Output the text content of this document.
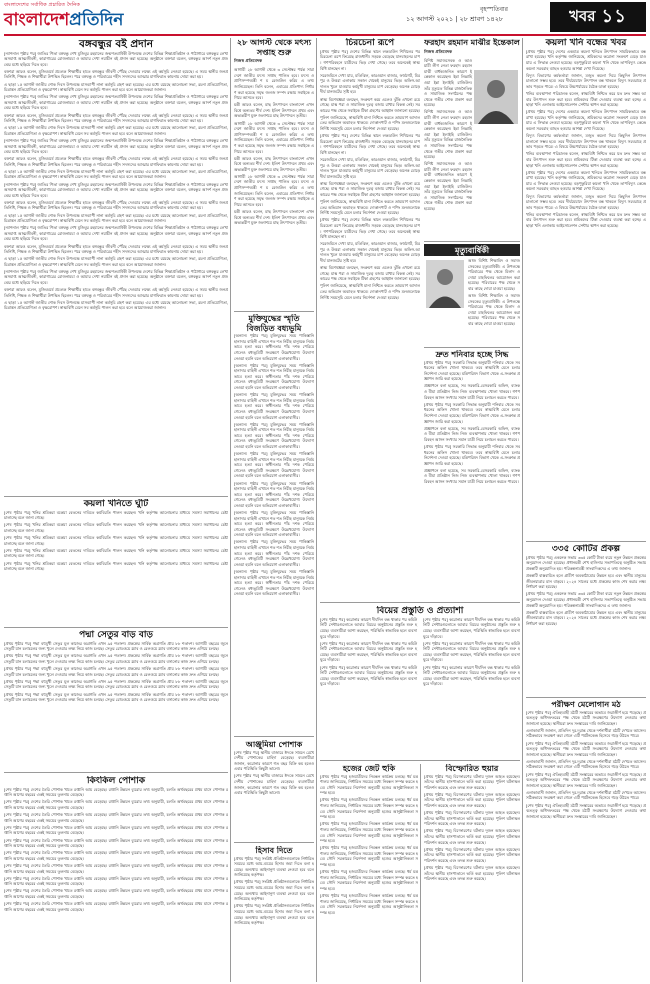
বাংলাদেশের সর্বাধিক প্রচারিত দৈনিক
বাংলাদেশপ্রতিদিন
বৃহস্পতিবার
১২ আগস্ট ২০২১ | ২৮ শ্রাবণ ১৪২৮	খবর ১১
বঙ্গবন্ধুর বই প্রদান

[ন্যাশনাল পৃষ্ঠার পর] জাতির পিতা বঙ্গবন্ধু শেখ মুজিবুর রহমানের জন্মশতবার্ষিকী উপলক্ষে দেশের বিভিন্ন শিক্ষাপ্রতিষ্ঠান ও পাঠাগারে বঙ্গবন্ধুর লেখা অসমাপ্ত আত্মজীবনী, কারাগারের রোজনামচা ও আমার দেখা নয়াচীন বই প্রদান করা হয়েছে। অনুষ্ঠানে বক্তারা বলেন, বঙ্গবন্ধুর আদর্শ নতুন প্রজন্মের মধ্যে ছড়িয়ে দিতে হবে।

বক্তারা আরও বলেন, মুজিববর্ষে প্রত্যেক শিক্ষার্থীর হাতে বঙ্গবন্ধুর জীবনী পৌঁছে দেওয়ার লক্ষ্যে এই কর্মসূচি নেওয়া হয়েছে। এ সময় স্থানীয় জনপ্রতিনিধি, শিক্ষক ও শিক্ষার্থীরা উপস্থিত ছিলেন। পরে বঙ্গবন্ধু ও পরিবারের শহীদ সদস্যদের আত্মার মাগফিরাত কামনায় দোয়া করা হয়।

এ ছাড়া ১৫ আগস্ট জাতীয় শোক দিবস উপলক্ষে মাসব্যাপী নানা কর্মসূচি গ্রহণ করা হয়েছে। এর মধ্যে রয়েছে আলোচনা সভা, রচনা প্রতিযোগিতা, চিত্রাঙ্কন প্রতিযোগিতা ও বৃক্ষরোপণ। স্বাস্থ্যবিধি মেনে সব কর্মসূচি পালন করা হবে বলে আয়োজকরা জানান।

[ন্যাশনাল পৃষ্ঠার পর] জাতির পিতা বঙ্গবন্ধু শেখ মুজিবুর রহমানের জন্মশতবার্ষিকী উপলক্ষে দেশের বিভিন্ন শিক্ষাপ্রতিষ্ঠান ও পাঠাগারে বঙ্গবন্ধুর লেখা অসমাপ্ত আত্মজীবনী, কারাগারের রোজনামচা ও আমার দেখা নয়াচীন বই প্রদান করা হয়েছে। অনুষ্ঠানে বক্তারা বলেন, বঙ্গবন্ধুর আদর্শ নতুন প্রজন্মের মধ্যে ছড়িয়ে দিতে হবে।

বক্তারা আরও বলেন, মুজিববর্ষে প্রত্যেক শিক্ষার্থীর হাতে বঙ্গবন্ধুর জীবনী পৌঁছে দেওয়ার লক্ষ্যে এই কর্মসূচি নেওয়া হয়েছে। এ সময় স্থানীয় জনপ্রতিনিধি, শিক্ষক ও শিক্ষার্থীরা উপস্থিত ছিলেন। পরে বঙ্গবন্ধু ও পরিবারের শহীদ সদস্যদের আত্মার মাগফিরাত কামনায় দোয়া করা হয়।

এ ছাড়া ১৫ আগস্ট জাতীয় শোক দিবস উপলক্ষে মাসব্যাপী নানা কর্মসূচি গ্রহণ করা হয়েছে। এর মধ্যে রয়েছে আলোচনা সভা, রচনা প্রতিযোগিতা, চিত্রাঙ্কন প্রতিযোগিতা ও বৃক্ষরোপণ। স্বাস্থ্যবিধি মেনে সব কর্মসূচি পালন করা হবে বলে আয়োজকরা জানান।

[ন্যাশনাল পৃষ্ঠার পর] জাতির পিতা বঙ্গবন্ধু শেখ মুজিবুর রহমানের জন্মশতবার্ষিকী উপলক্ষে দেশের বিভিন্ন শিক্ষাপ্রতিষ্ঠান ও পাঠাগারে বঙ্গবন্ধুর লেখা অসমাপ্ত আত্মজীবনী, কারাগারের রোজনামচা ও আমার দেখা নয়াচীন বই প্রদান করা হয়েছে। অনুষ্ঠানে বক্তারা বলেন, বঙ্গবন্ধুর আদর্শ নতুন প্রজন্মের মধ্যে ছড়িয়ে দিতে হবে।

বক্তারা আরও বলেন, মুজিববর্ষে প্রত্যেক শিক্ষার্থীর হাতে বঙ্গবন্ধুর জীবনী পৌঁছে দেওয়ার লক্ষ্যে এই কর্মসূচি নেওয়া হয়েছে। এ সময় স্থানীয় জনপ্রতিনিধি, শিক্ষক ও শিক্ষার্থীরা উপস্থিত ছিলেন। পরে বঙ্গবন্ধু ও পরিবারের শহীদ সদস্যদের আত্মার মাগফিরাত কামনায় দোয়া করা হয়।

এ ছাড়া ১৫ আগস্ট জাতীয় শোক দিবস উপলক্ষে মাসব্যাপী নানা কর্মসূচি গ্রহণ করা হয়েছে। এর মধ্যে রয়েছে আলোচনা সভা, রচনা প্রতিযোগিতা, চিত্রাঙ্কন প্রতিযোগিতা ও বৃক্ষরোপণ। স্বাস্থ্যবিধি মেনে সব কর্মসূচি পালন করা হবে বলে আয়োজকরা জানান।

[ন্যাশনাল পৃষ্ঠার পর] জাতির পিতা বঙ্গবন্ধু শেখ মুজিবুর রহমানের জন্মশতবার্ষিকী উপলক্ষে দেশের বিভিন্ন শিক্ষাপ্রতিষ্ঠান ও পাঠাগারে বঙ্গবন্ধুর লেখা অসমাপ্ত আত্মজীবনী, কারাগারের রোজনামচা ও আমার দেখা নয়াচীন বই প্রদান করা হয়েছে। অনুষ্ঠানে বক্তারা বলেন, বঙ্গবন্ধুর আদর্শ নতুন প্রজন্মের মধ্যে ছড়িয়ে দিতে হবে।

বক্তারা আরও বলেন, মুজিববর্ষে প্রত্যেক শিক্ষার্থীর হাতে বঙ্গবন্ধুর জীবনী পৌঁছে দেওয়ার লক্ষ্যে এই কর্মসূচি নেওয়া হয়েছে। এ সময় স্থানীয় জনপ্রতিনিধি, শিক্ষক ও শিক্ষার্থীরা উপস্থিত ছিলেন। পরে বঙ্গবন্ধু ও পরিবারের শহীদ সদস্যদের আত্মার মাগফিরাত কামনায় দোয়া করা হয়।

এ ছাড়া ১৫ আগস্ট জাতীয় শোক দিবস উপলক্ষে মাসব্যাপী নানা কর্মসূচি গ্রহণ করা হয়েছে। এর মধ্যে রয়েছে আলোচনা সভা, রচনা প্রতিযোগিতা, চিত্রাঙ্কন প্রতিযোগিতা ও বৃক্ষরোপণ। স্বাস্থ্যবিধি মেনে সব কর্মসূচি পালন করা হবে বলে আয়োজকরা জানান।

[ন্যাশনাল পৃষ্ঠার পর] জাতির পিতা বঙ্গবন্ধু শেখ মুজিবুর রহমানের জন্মশতবার্ষিকী উপলক্ষে দেশের বিভিন্ন শিক্ষাপ্রতিষ্ঠান ও পাঠাগারে বঙ্গবন্ধুর লেখা অসমাপ্ত আত্মজীবনী, কারাগারের রোজনামচা ও আমার দেখা নয়াচীন বই প্রদান করা হয়েছে। অনুষ্ঠানে বক্তারা বলেন, বঙ্গবন্ধুর আদর্শ নতুন প্রজন্মের মধ্যে ছড়িয়ে দিতে হবে।

বক্তারা আরও বলেন, মুজিববর্ষে প্রত্যেক শিক্ষার্থীর হাতে বঙ্গবন্ধুর জীবনী পৌঁছে দেওয়ার লক্ষ্যে এই কর্মসূচি নেওয়া হয়েছে। এ সময় স্থানীয় জনপ্রতিনিধি, শিক্ষক ও শিক্ষার্থীরা উপস্থিত ছিলেন। পরে বঙ্গবন্ধু ও পরিবারের শহীদ সদস্যদের আত্মার মাগফিরাত কামনায় দোয়া করা হয়।

এ ছাড়া ১৫ আগস্ট জাতীয় শোক দিবস উপলক্ষে মাসব্যাপী নানা কর্মসূচি গ্রহণ করা হয়েছে। এর মধ্যে রয়েছে আলোচনা সভা, রচনা প্রতিযোগিতা, চিত্রাঙ্কন প্রতিযোগিতা ও বৃক্ষরোপণ। স্বাস্থ্যবিধি মেনে সব কর্মসূচি পালন করা হবে বলে আয়োজকরা জানান।

[ন্যাশনাল পৃষ্ঠার পর] জাতির পিতা বঙ্গবন্ধু শেখ মুজিবুর রহমানের জন্মশতবার্ষিকী উপলক্ষে দেশের বিভিন্ন শিক্ষাপ্রতিষ্ঠান ও পাঠাগারে বঙ্গবন্ধুর লেখা অসমাপ্ত আত্মজীবনী, কারাগারের রোজনামচা ও আমার দেখা নয়াচীন বই প্রদান করা হয়েছে। অনুষ্ঠানে বক্তারা বলেন, বঙ্গবন্ধুর আদর্শ নতুন প্রজন্মের মধ্যে ছড়িয়ে দিতে হবে।

বক্তারা আরও বলেন, মুজিববর্ষে প্রত্যেক শিক্ষার্থীর হাতে বঙ্গবন্ধুর জীবনী পৌঁছে দেওয়ার লক্ষ্যে এই কর্মসূচি নেওয়া হয়েছে। এ সময় স্থানীয় জনপ্রতিনিধি, শিক্ষক ও শিক্ষার্থীরা উপস্থিত ছিলেন। পরে বঙ্গবন্ধু ও পরিবারের শহীদ সদস্যদের আত্মার মাগফিরাত কামনায় দোয়া করা হয়।

এ ছাড়া ১৫ আগস্ট জাতীয় শোক দিবস উপলক্ষে মাসব্যাপী নানা কর্মসূচি গ্রহণ করা হয়েছে। এর মধ্যে রয়েছে আলোচনা সভা, রচনা প্রতিযোগিতা, চিত্রাঙ্কন প্রতিযোগিতা ও বৃক্ষরোপণ। স্বাস্থ্যবিধি মেনে সব কর্মসূচি পালন করা হবে বলে আয়োজকরা জানান।

পদ্মা সেতুর বাড় বাড়

[প্রথম পৃষ্ঠার পর] পদ্মা বহুমুখী সেতুর মূল কাজের অগ্রগতি এখন ৯৫ শতাংশ। প্রকল্পের সার্বিক অগ্রগতি প্রায় ৮৮ শতাংশ। আগামী বছরের জুনে সেতুটি যান চলাচলের জন্য খুলে দেওয়ার লক্ষ্য নিয়ে কাজ চলছে। সেতুর রোডওয়ে স্ল্যাব ও রেলওয়ে স্ল্যাব বসানোর কাজ দ্রুত এগিয়ে চলছে।

[প্রথম পৃষ্ঠার পর] পদ্মা বহুমুখী সেতুর মূল কাজের অগ্রগতি এখন ৯৫ শতাংশ। প্রকল্পের সার্বিক অগ্রগতি প্রায় ৮৮ শতাংশ। আগামী বছরের জুনে সেতুটি যান চলাচলের জন্য খুলে দেওয়ার লক্ষ্য নিয়ে কাজ চলছে। সেতুর রোডওয়ে স্ল্যাব ও রেলওয়ে স্ল্যাব বসানোর কাজ দ্রুত এগিয়ে চলছে।

[প্রথম পৃষ্ঠার পর] পদ্মা বহুমুখী সেতুর মূল কাজের অগ্রগতি এখন ৯৫ শতাংশ। প্রকল্পের সার্বিক অগ্রগতি প্রায় ৮৮ শতাংশ। আগামী বছরের জুনে সেতুটি যান চলাচলের জন্য খুলে দেওয়ার লক্ষ্য নিয়ে কাজ চলছে। সেতুর রোডওয়ে স্ল্যাব ও রেলওয়ে স্ল্যাব বসানোর কাজ দ্রুত এগিয়ে চলছে।

[প্রথম পৃষ্ঠার পর] পদ্মা বহুমুখী সেতুর মূল কাজের অগ্রগতি এখন ৯৫ শতাংশ। প্রকল্পের সার্বিক অগ্রগতি প্রায় ৮৮ শতাংশ। আগামী বছরের জুনে সেতুটি যান চলাচলের জন্য খুলে দেওয়ার লক্ষ্য নিয়ে কাজ চলছে। সেতুর রোডওয়ে স্ল্যাব ও রেলওয়ে স্ল্যাব বসানোর কাজ দ্রুত এগিয়ে চলছে।

[প্রথম পৃষ্ঠার পর] পদ্মা বহুমুখী সেতুর মূল কাজের অগ্রগতি এখন ৯৫ শতাংশ। প্রকল্পের সার্বিক অগ্রগতি প্রায় ৮৮ শতাংশ। আগামী বছরের জুনে সেতুটি যান চলাচলের জন্য খুলে দেওয়ার লক্ষ্য নিয়ে কাজ চলছে। সেতুর রোডওয়ে স্ল্যাব ও রেলওয়ে স্ল্যাব বসানোর কাজ দ্রুত এগিয়ে চলছে।

কিংকিল পোশাক

[শেষ পৃষ্ঠার পর] দেশের তৈরি পোশাক খাতে রপ্তানি আয় বেড়েছে। রপ্তানি উন্নয়ন ব্যুরোর তথ্য অনুযায়ী, চলতি অর্থবছরের প্রথম মাসে পোশাক রপ্তানি আগের বছরের একই সময়ের তুলনায় বেড়েছে।

[শেষ পৃষ্ঠার পর] দেশের তৈরি পোশাক খাতে রপ্তানি আয় বেড়েছে। রপ্তানি উন্নয়ন ব্যুরোর তথ্য অনুযায়ী, চলতি অর্থবছরের প্রথম মাসে পোশাক রপ্তানি আগের বছরের একই সময়ের তুলনায় বেড়েছে।

[শেষ পৃষ্ঠার পর] দেশের তৈরি পোশাক খাতে রপ্তানি আয় বেড়েছে। রপ্তানি উন্নয়ন ব্যুরোর তথ্য অনুযায়ী, চলতি অর্থবছরের প্রথম মাসে পোশাক রপ্তানি আগের বছরের একই সময়ের তুলনায় বেড়েছে।

[শেষ পৃষ্ঠার পর] দেশের তৈরি পোশাক খাতে রপ্তানি আয় বেড়েছে। রপ্তানি উন্নয়ন ব্যুরোর তথ্য অনুযায়ী, চলতি অর্থবছরের প্রথম মাসে পোশাক রপ্তানি আগের বছরের একই সময়ের তুলনায় বেড়েছে।

[শেষ পৃষ্ঠার পর] দেশের তৈরি পোশাক খাতে রপ্তানি আয় বেড়েছে। রপ্তানি উন্নয়ন ব্যুরোর তথ্য অনুযায়ী, চলতি অর্থবছরের প্রথম মাসে পোশাক রপ্তানি আগের বছরের একই সময়ের তুলনায় বেড়েছে।

[শেষ পৃষ্ঠার পর] দেশের তৈরি পোশাক খাতে রপ্তানি আয় বেড়েছে। রপ্তানি উন্নয়ন ব্যুরোর তথ্য অনুযায়ী, চলতি অর্থবছরের প্রথম মাসে পোশাক রপ্তানি আগের বছরের একই সময়ের তুলনায় বেড়েছে।

[শেষ পৃষ্ঠার পর] দেশের তৈরি পোশাক খাতে রপ্তানি আয় বেড়েছে। রপ্তানি উন্নয়ন ব্যুরোর তথ্য অনুযায়ী, চলতি অর্থবছরের প্রথম মাসে পোশাক রপ্তানি আগের বছরের একই সময়ের তুলনায় বেড়েছে।

[শেষ পৃষ্ঠার পর] দেশের তৈরি পোশাক খাতে রপ্তানি আয় বেড়েছে। রপ্তানি উন্নয়ন ব্যুরোর তথ্য অনুযায়ী, চলতি অর্থবছরের প্রথম মাসে পোশাক রপ্তানি আগের বছরের একই সময়ের তুলনায় বেড়েছে।

[শেষ পৃষ্ঠার পর] দেশের তৈরি পোশাক খাতে রপ্তানি আয় বেড়েছে। রপ্তানি উন্নয়ন ব্যুরোর তথ্য অনুযায়ী, চলতি অর্থবছরের প্রথম মাসে পোশাক রপ্তানি আগের বছরের একই সময়ের তুলনায় বেড়েছে।

[শেষ পৃষ্ঠার পর] দেশের তৈরি পোশাক খাতে রপ্তানি আয় বেড়েছে। রপ্তানি উন্নয়ন ব্যুরোর তথ্য অনুযায়ী, চলতি অর্থবছরের প্রথম মাসে পোশাক রপ্তানি আগের বছরের একই সময়ের তুলনায় বেড়েছে।

২৮ আগস্ট থেকে মৎস্য সপ্তাহ শুরু
নিজস্ব প্রতিবেদক

আগামী ২৮ আগস্ট থেকে ৩ সেপ্টেম্বর পর্যন্ত সারা দেশে জাতীয় মৎস্য সপ্তাহ পালিত হবে। মৎস্য ও প্রাণিসম্পদমন্ত্রী শ ম রেজাউল করিম এ তথ্য জানিয়েছেন। তিনি বলেন, এবারের প্রতিপাদ্য নির্ধারণ করা হয়েছে সমৃদ্ধ জলজ সম্পদ রক্ষায় সবাইকে এগিয়ে আসতে হবে।

মন্ত্রী আরও বলেন, মাছ উৎপাদনে বাংলাদেশ এখন বিশ্বে অন্যতম শীর্ষ দেশ। ইলিশ উৎপাদনে প্রথম এবং অভ্যন্তরীণ মুক্ত জলাশয়ে মাছ উৎপাদনে তৃতীয়।

আগামী ২৮ আগস্ট থেকে ৩ সেপ্টেম্বর পর্যন্ত সারা দেশে জাতীয় মৎস্য সপ্তাহ পালিত হবে। মৎস্য ও প্রাণিসম্পদমন্ত্রী শ ম রেজাউল করিম এ তথ্য জানিয়েছেন। তিনি বলেন, এবারের প্রতিপাদ্য নির্ধারণ করা হয়েছে সমৃদ্ধ জলজ সম্পদ রক্ষায় সবাইকে এগিয়ে আসতে হবে।

মন্ত্রী আরও বলেন, মাছ উৎপাদনে বাংলাদেশ এখন বিশ্বে অন্যতম শীর্ষ দেশ। ইলিশ উৎপাদনে প্রথম এবং অভ্যন্তরীণ মুক্ত জলাশয়ে মাছ উৎপাদনে তৃতীয়।

আগামী ২৮ আগস্ট থেকে ৩ সেপ্টেম্বর পর্যন্ত সারা দেশে জাতীয় মৎস্য সপ্তাহ পালিত হবে। মৎস্য ও প্রাণিসম্পদমন্ত্রী শ ম রেজাউল করিম এ তথ্য জানিয়েছেন। তিনি বলেন, এবারের প্রতিপাদ্য নির্ধারণ করা হয়েছে সমৃদ্ধ জলজ সম্পদ রক্ষায় সবাইকে এগিয়ে আসতে হবে।

মন্ত্রী আরও বলেন, মাছ উৎপাদনে বাংলাদেশ এখন বিশ্বে অন্যতম শীর্ষ দেশ। ইলিশ উৎপাদনে প্রথম এবং অভ্যন্তরীণ মুক্ত জলাশয়ে মাছ উৎপাদনে তৃতীয়।

মুক্তিযুদ্ধের স্মৃতি বিজড়িত বধ্যভূমি

[অন্যান্য পৃষ্ঠার পর] মুক্তিযুদ্ধের সময় পাকিস্তানি হানাদার বাহিনী এখানে শত শত নিরীহ মানুষকে নির্মমভাবে হত্যা করে। স্বাধীনতার পাঁচ দশক পেরিয়ে গেলেও বধ্যভূমিটি সংরক্ষণে উল্লেখযোগ্য উদ্যোগ নেওয়া হয়নি বলে অভিযোগ এলাকাবাসীর।

[অন্যান্য পৃষ্ঠার পর] মুক্তিযুদ্ধের সময় পাকিস্তানি হানাদার বাহিনী এখানে শত শত নিরীহ মানুষকে নির্মমভাবে হত্যা করে। স্বাধীনতার পাঁচ দশক পেরিয়ে গেলেও বধ্যভূমিটি সংরক্ষণে উল্লেখযোগ্য উদ্যোগ নেওয়া হয়নি বলে অভিযোগ এলাকাবাসীর।

[অন্যান্য পৃষ্ঠার পর] মুক্তিযুদ্ধের সময় পাকিস্তানি হানাদার বাহিনী এখানে শত শত নিরীহ মানুষকে নির্মমভাবে হত্যা করে। স্বাধীনতার পাঁচ দশক পেরিয়ে গেলেও বধ্যভূমিটি সংরক্ষণে উল্লেখযোগ্য উদ্যোগ নেওয়া হয়নি বলে অভিযোগ এলাকাবাসীর।

[অন্যান্য পৃষ্ঠার পর] মুক্তিযুদ্ধের সময় পাকিস্তানি হানাদার বাহিনী এখানে শত শত নিরীহ মানুষকে নির্মমভাবে হত্যা করে। স্বাধীনতার পাঁচ দশক পেরিয়ে গেলেও বধ্যভূমিটি সংরক্ষণে উল্লেখযোগ্য উদ্যোগ নেওয়া হয়নি বলে অভিযোগ এলাকাবাসীর।

[অন্যান্য পৃষ্ঠার পর] মুক্তিযুদ্ধের সময় পাকিস্তানি হানাদার বাহিনী এখানে শত শত নিরীহ মানুষকে নির্মমভাবে হত্যা করে। স্বাধীনতার পাঁচ দশক পেরিয়ে গেলেও বধ্যভূমিটি সংরক্ষণে উল্লেখযোগ্য উদ্যোগ নেওয়া হয়নি বলে অভিযোগ এলাকাবাসীর।

[অন্যান্য পৃষ্ঠার পর] মুক্তিযুদ্ধের সময় পাকিস্তানি হানাদার বাহিনী এখানে শত শত নিরীহ মানুষকে নির্মমভাবে হত্যা করে। স্বাধীনতার পাঁচ দশক পেরিয়ে গেলেও বধ্যভূমিটি সংরক্ষণে উল্লেখযোগ্য উদ্যোগ নেওয়া হয়নি বলে অভিযোগ এলাকাবাসীর।

[অন্যান্য পৃষ্ঠার পর] মুক্তিযুদ্ধের সময় পাকিস্তানি হানাদার বাহিনী এখানে শত শত নিরীহ মানুষকে নির্মমভাবে হত্যা করে। স্বাধীনতার পাঁচ দশক পেরিয়ে গেলেও বধ্যভূমিটি সংরক্ষণে উল্লেখযোগ্য উদ্যোগ নেওয়া হয়নি বলে অভিযোগ এলাকাবাসীর।

[অন্যান্য পৃষ্ঠার পর] মুক্তিযুদ্ধের সময় পাকিস্তানি হানাদার বাহিনী এখানে শত শত নিরীহ মানুষকে নির্মমভাবে হত্যা করে। স্বাধীনতার পাঁচ দশক পেরিয়ে গেলেও বধ্যভূমিটি সংরক্ষণে উল্লেখযোগ্য উদ্যোগ নেওয়া হয়নি বলে অভিযোগ এলাকাবাসীর।

[অন্যান্য পৃষ্ঠার পর] মুক্তিযুদ্ধের সময় পাকিস্তানি হানাদার বাহিনী এখানে শত শত নিরীহ মানুষকে নির্মমভাবে হত্যা করে। স্বাধীনতার পাঁচ দশক পেরিয়ে গেলেও বধ্যভূমিটি সংরক্ষণে উল্লেখযোগ্য উদ্যোগ নেওয়া হয়নি বলে অভিযোগ এলাকাবাসীর।

আঞ্জুমিয়া পোশাক

[শেষ পৃষ্ঠার পর] স্থানীয় বাজারে ঈদকে সামনে রেখে দেশীয় পোশাকের চাহিদা বেড়েছে। ব্যবসায়ীরা জানান, করোনার কারণে গত বছর বিক্রি কম হলেও এবার পরিস্থিতি কিছুটা ভালো।

[শেষ পৃষ্ঠার পর] স্থানীয় বাজারে ঈদকে সামনে রেখে দেশীয় পোশাকের চাহিদা বেড়েছে। ব্যবসায়ীরা জানান, করোনার কারণে গত বছর বিক্রি কম হলেও এবার পরিস্থিতি কিছুটা ভালো।

হিসাব দিতে

[প্রথম পৃষ্ঠার পর] সংশ্লিষ্ট প্রতিষ্ঠানগুলোকে নির্ধারিত সময়ের মধ্যে আয়-ব্যয়ের হিসাব জমা দিতে বলা হয়েছে। অন্যথায় আইনানুগ ব্যবস্থা নেওয়া হবে বলে জানিয়েছে কর্তৃপক্ষ।

[প্রথম পৃষ্ঠার পর] সংশ্লিষ্ট প্রতিষ্ঠানগুলোকে নির্ধারিত সময়ের মধ্যে আয়-ব্যয়ের হিসাব জমা দিতে বলা হয়েছে। অন্যথায় আইনানুগ ব্যবস্থা নেওয়া হবে বলে জানিয়েছে কর্তৃপক্ষ।

[প্রথম পৃষ্ঠার পর] সংশ্লিষ্ট প্রতিষ্ঠানগুলোকে নির্ধারিত সময়ের মধ্যে আয়-ব্যয়ের হিসাব জমা দিতে বলা হয়েছে। অন্যথায় আইনানুগ ব্যবস্থা নেওয়া হবে বলে জানিয়েছে কর্তৃপক্ষ।

চিরচেনা রূপে

[প্রথম পৃষ্ঠার পর] দেশের বিভিন্ন স্থানে লকডাউন শিথিলের পর চিরচেনা রূপে ফিরেছে রাজধানী। সড়কে বেড়েছে যানবাহনের চাপ। গণপরিবহনে যাত্রীদের ভিড় দেখা গেছে। তবে অনেকেই স্বাস্থ্যবিধি মানছেন না।

সরেজমিনে দেখা যায়, মতিঝিল, কারওয়ান বাজার, ফার্মগেট, মিরপুর ও উত্তরা এলাকায় সকাল থেকেই মানুষের ভিড়। অফিস-আদালত খুলে যাওয়ায় কর্মমুখী মানুষের চাপ বেড়েছে। অনেক মোড়ে দীর্ঘ যানজটের সৃষ্টি হয়।

স্বাস্থ্য বিশেষজ্ঞরা বলছেন, সংক্রমণ কমে এলেও ঝুঁকি এখনো রয়ে গেছে। মাস্ক পরা ও সামাজিক দূরত্ব বজায় রাখার বিকল্প নেই। সরকারের পক্ষ থেকে সবাইকে টিকা গ্রহণের আহ্বান জানানো হয়েছে।

পুলিশ জানিয়েছে, স্বাস্থ্যবিধি মানা নিশ্চিত করতে ভ্রাম্যমাণ আদালতের অভিযান অব্যাহত থাকবে। দোকানপাট ও শপিং মলগুলোকে নির্দিষ্ট সময়সূচি মেনে চলার নির্দেশনা দেওয়া হয়েছে।

[প্রথম পৃষ্ঠার পর] দেশের বিভিন্ন স্থানে লকডাউন শিথিলের পর চিরচেনা রূপে ফিরেছে রাজধানী। সড়কে বেড়েছে যানবাহনের চাপ। গণপরিবহনে যাত্রীদের ভিড় দেখা গেছে। তবে অনেকেই স্বাস্থ্যবিধি মানছেন না।

সরেজমিনে দেখা যায়, মতিঝিল, কারওয়ান বাজার, ফার্মগেট, মিরপুর ও উত্তরা এলাকায় সকাল থেকেই মানুষের ভিড়। অফিস-আদালত খুলে যাওয়ায় কর্মমুখী মানুষের চাপ বেড়েছে। অনেক মোড়ে দীর্ঘ যানজটের সৃষ্টি হয়।

স্বাস্থ্য বিশেষজ্ঞরা বলছেন, সংক্রমণ কমে এলেও ঝুঁকি এখনো রয়ে গেছে। মাস্ক পরা ও সামাজিক দূরত্ব বজায় রাখার বিকল্প নেই। সরকারের পক্ষ থেকে সবাইকে টিকা গ্রহণের আহ্বান জানানো হয়েছে।

পুলিশ জানিয়েছে, স্বাস্থ্যবিধি মানা নিশ্চিত করতে ভ্রাম্যমাণ আদালতের অভিযান অব্যাহত থাকবে। দোকানপাট ও শপিং মলগুলোকে নির্দিষ্ট সময়সূচি মেনে চলার নির্দেশনা দেওয়া হয়েছে।

[প্রথম পৃষ্ঠার পর] দেশের বিভিন্ন স্থানে লকডাউন শিথিলের পর চিরচেনা রূপে ফিরেছে রাজধানী। সড়কে বেড়েছে যানবাহনের চাপ। গণপরিবহনে যাত্রীদের ভিড় দেখা গেছে। তবে অনেকেই স্বাস্থ্যবিধি মানছেন না।

সরেজমিনে দেখা যায়, মতিঝিল, কারওয়ান বাজার, ফার্মগেট, মিরপুর ও উত্তরা এলাকায় সকাল থেকেই মানুষের ভিড়। অফিস-আদালত খুলে যাওয়ায় কর্মমুখী মানুষের চাপ বেড়েছে। অনেক মোড়ে দীর্ঘ যানজটের সৃষ্টি হয়।

স্বাস্থ্য বিশেষজ্ঞরা বলছেন, সংক্রমণ কমে এলেও ঝুঁকি এখনো রয়ে গেছে। মাস্ক পরা ও সামাজিক দূরত্ব বজায় রাখার বিকল্প নেই। সরকারের পক্ষ থেকে সবাইকে টিকা গ্রহণের আহ্বান জানানো হয়েছে।

পুলিশ জানিয়েছে, স্বাস্থ্যবিধি মানা নিশ্চিত করতে ভ্রাম্যমাণ আদালতের অভিযান অব্যাহত থাকবে। দোকানপাট ও শপিং মলগুলোকে নির্দিষ্ট সময়সূচি মেনে চলার নির্দেশনা দেওয়া হয়েছে।

ফরহাদ রহমান মাঝীর ইন্তেকাল
নিজস্ব প্রতিবেদক

বিশিষ্ট সমাজসেবক ও আওয়ামী লীগ নেতা ফরহাদ রহমান মাঝী বার্ধক্যজনিত কারণে ইন্তেকাল করেছেন। ইন্না লিল্লাহি ওয়া ইন্না ইলাইহি রাজিউন। তাঁর মৃত্যুতে বিভিন্ন রাজনৈতিক ও সামাজিক সংগঠনের পক্ষ থেকে গভীর শোক প্রকাশ করা হয়েছে।

বিশিষ্ট সমাজসেবক ও আওয়ামী লীগ নেতা ফরহাদ রহমান মাঝী বার্ধক্যজনিত কারণে ইন্তেকাল করেছেন। ইন্না লিল্লাহি ওয়া ইন্না ইলাইহি রাজিউন। তাঁর মৃত্যুতে বিভিন্ন রাজনৈতিক ও সামাজিক সংগঠনের পক্ষ থেকে গভীর শোক প্রকাশ করা হয়েছে।

বিশিষ্ট সমাজসেবক ও আওয়ামী লীগ নেতা ফরহাদ রহমান মাঝী বার্ধক্যজনিত কারণে ইন্তেকাল করেছেন। ইন্না লিল্লাহি ওয়া ইন্না ইলাইহি রাজিউন। তাঁর মৃত্যুতে বিভিন্ন রাজনৈতিক ও সামাজিক সংগঠনের পক্ষ থেকে গভীর শোক প্রকাশ করা হয়েছে।

মৃত্যুবার্ষিকী

আজ বিশিষ্ট শিক্ষাবিদ ও সমাজসেবকের মৃত্যুবার্ষিকী। এ উপলক্ষে পরিবারের পক্ষ থেকে মিলাদ ও দোয়া মাহফিলের আয়োজন করা হয়েছে। পরিবারের পক্ষ থেকে সবার কাছে দোয়া চাওয়া হয়েছে।

আজ বিশিষ্ট শিক্ষাবিদ ও সমাজসেবকের মৃত্যুবার্ষিকী। এ উপলক্ষে পরিবারের পক্ষ থেকে মিলাদ ও দোয়া মাহফিলের আয়োজন করা হয়েছে। পরিবারের পক্ষ থেকে সবার কাছে দোয়া চাওয়া হয়েছে।

দ্রুত শনিবার হচ্ছে সিদ্ধ

[প্রথম পৃষ্ঠার পর] সরকারি সিদ্ধান্ত অনুযায়ী শনিবার থেকে সব ধরনের অফিস খোলা থাকবে। তবে স্বাস্থ্যবিধি মেনে চলার নির্দেশনা দেওয়া হয়েছে। মন্ত্রিপরিষদ বিভাগ থেকে এ-সংক্রান্ত প্রজ্ঞাপন জারি করা হয়েছে।

প্রজ্ঞাপনে বলা হয়েছে, সব সরকারি-বেসরকারি অফিস, ব্যাংক ও বীমা প্রতিষ্ঠান নিজ নিজ ব্যবস্থাপনায় খোলা থাকবে। গণপরিবহন আসন সংখ্যার সমান যাত্রী নিয়ে চলাচল করতে পারবে।

[প্রথম পৃষ্ঠার পর] সরকারি সিদ্ধান্ত অনুযায়ী শনিবার থেকে সব ধরনের অফিস খোলা থাকবে। তবে স্বাস্থ্যবিধি মেনে চলার নির্দেশনা দেওয়া হয়েছে। মন্ত্রিপরিষদ বিভাগ থেকে এ-সংক্রান্ত প্রজ্ঞাপন জারি করা হয়েছে।

প্রজ্ঞাপনে বলা হয়েছে, সব সরকারি-বেসরকারি অফিস, ব্যাংক ও বীমা প্রতিষ্ঠান নিজ নিজ ব্যবস্থাপনায় খোলা থাকবে। গণপরিবহন আসন সংখ্যার সমান যাত্রী নিয়ে চলাচল করতে পারবে।

[প্রথম পৃষ্ঠার পর] সরকারি সিদ্ধান্ত অনুযায়ী শনিবার থেকে সব ধরনের অফিস খোলা থাকবে। তবে স্বাস্থ্যবিধি মেনে চলার নির্দেশনা দেওয়া হয়েছে। মন্ত্রিপরিষদ বিভাগ থেকে এ-সংক্রান্ত প্রজ্ঞাপন জারি করা হয়েছে।

প্রজ্ঞাপনে বলা হয়েছে, সব সরকারি-বেসরকারি অফিস, ব্যাংক ও বীমা প্রতিষ্ঠান নিজ নিজ ব্যবস্থাপনায় খোলা থাকবে। গণপরিবহন আসন সংখ্যার সমান যাত্রী নিয়ে চলাচল করতে পারবে।

বিয়ের প্রস্তুতি ও প্রত্যাশা

[শেষ পৃষ্ঠার পর] করোনার কারণে দীর্ঘদিন বন্ধ থাকার পর কমিউনিটি সেন্টারগুলোতে আবার বিয়ের অনুষ্ঠানের প্রস্তুতি শুরু হয়েছে। ব্যবসায়ীরা আশা করছেন, পরিস্থিতি স্বাভাবিক হলে ব্যবসা ঘুরে দাঁড়াবে।

[শেষ পৃষ্ঠার পর] করোনার কারণে দীর্ঘদিন বন্ধ থাকার পর কমিউনিটি সেন্টারগুলোতে আবার বিয়ের অনুষ্ঠানের প্রস্তুতি শুরু হয়েছে। ব্যবসায়ীরা আশা করছেন, পরিস্থিতি স্বাভাবিক হলে ব্যবসা ঘুরে দাঁড়াবে।

[শেষ পৃষ্ঠার পর] করোনার কারণে দীর্ঘদিন বন্ধ থাকার পর কমিউনিটি সেন্টারগুলোতে আবার বিয়ের অনুষ্ঠানের প্রস্তুতি শুরু হয়েছে। ব্যবসায়ীরা আশা করছেন, পরিস্থিতি স্বাভাবিক হলে ব্যবসা ঘুরে দাঁড়াবে।

[শেষ পৃষ্ঠার পর] করোনার কারণে দীর্ঘদিন বন্ধ থাকার পর কমিউনিটি সেন্টারগুলোতে আবার বিয়ের অনুষ্ঠানের প্রস্তুতি শুরু হয়েছে। ব্যবসায়ীরা আশা করছেন, পরিস্থিতি স্বাভাবিক হলে ব্যবসা ঘুরে দাঁড়াবে।

[শেষ পৃষ্ঠার পর] করোনার কারণে দীর্ঘদিন বন্ধ থাকার পর কমিউনিটি সেন্টারগুলোতে আবার বিয়ের অনুষ্ঠানের প্রস্তুতি শুরু হয়েছে। ব্যবসায়ীরা আশা করছেন, পরিস্থিতি স্বাভাবিক হলে ব্যবসা ঘুরে দাঁড়াবে।

[শেষ পৃষ্ঠার পর] করোনার কারণে দীর্ঘদিন বন্ধ থাকার পর কমিউনিটি সেন্টারগুলোতে আবার বিয়ের অনুষ্ঠানের প্রস্তুতি শুরু হয়েছে। ব্যবসায়ীরা আশা করছেন, পরিস্থিতি স্বাভাবিক হলে ব্যবসা ঘুরে দাঁড়াবে।

হজের জেট হুকি

[প্রথম পৃষ্ঠার পর] হজযাত্রীদের নিবন্ধন কার্যক্রম চলছে। ধর্ম মন্ত্রণালয় জানিয়েছে, নির্ধারিত সময়ের মধ্যে নিবন্ধন সম্পন্ন করতে হবে। সৌদি সরকারের নির্দেশনা অনুযায়ী হজের আনুষ্ঠানিকতা সম্পন্ন হবে।

[প্রথম পৃষ্ঠার পর] হজযাত্রীদের নিবন্ধন কার্যক্রম চলছে। ধর্ম মন্ত্রণালয় জানিয়েছে, নির্ধারিত সময়ের মধ্যে নিবন্ধন সম্পন্ন করতে হবে। সৌদি সরকারের নির্দেশনা অনুযায়ী হজের আনুষ্ঠানিকতা সম্পন্ন হবে।

[প্রথম পৃষ্ঠার পর] হজযাত্রীদের নিবন্ধন কার্যক্রম চলছে। ধর্ম মন্ত্রণালয় জানিয়েছে, নির্ধারিত সময়ের মধ্যে নিবন্ধন সম্পন্ন করতে হবে। সৌদি সরকারের নির্দেশনা অনুযায়ী হজের আনুষ্ঠানিকতা সম্পন্ন হবে।

[প্রথম পৃষ্ঠার পর] হজযাত্রীদের নিবন্ধন কার্যক্রম চলছে। ধর্ম মন্ত্রণালয় জানিয়েছে, নির্ধারিত সময়ের মধ্যে নিবন্ধন সম্পন্ন করতে হবে। সৌদি সরকারের নির্দেশনা অনুযায়ী হজের আনুষ্ঠানিকতা সম্পন্ন হবে।

[প্রথম পৃষ্ঠার পর] হজযাত্রীদের নিবন্ধন কার্যক্রম চলছে। ধর্ম মন্ত্রণালয় জানিয়েছে, নির্ধারিত সময়ের মধ্যে নিবন্ধন সম্পন্ন করতে হবে। সৌদি সরকারের নির্দেশনা অনুযায়ী হজের আনুষ্ঠানিকতা সম্পন্ন হবে।

[প্রথম পৃষ্ঠার পর] হজযাত্রীদের নিবন্ধন কার্যক্রম চলছে। ধর্ম মন্ত্রণালয় জানিয়েছে, নির্ধারিত সময়ের মধ্যে নিবন্ধন সম্পন্ন করতে হবে। সৌদি সরকারের নির্দেশনা অনুযায়ী হজের আনুষ্ঠানিকতা সম্পন্ন হবে।

বিস্ফোরিত হুয়ার

[প্রথম পৃষ্ঠার পর] বিস্ফোরণের ঘটনায় দুজন আহত হয়েছেন। তাঁদের স্থানীয় হাসপাতালে ভর্তি করা হয়েছে। পুলিশ ঘটনাস্থল পরিদর্শন করেছে এবং তদন্ত শুরু করেছে।

[প্রথম পৃষ্ঠার পর] বিস্ফোরণের ঘটনায় দুজন আহত হয়েছেন। তাঁদের স্থানীয় হাসপাতালে ভর্তি করা হয়েছে। পুলিশ ঘটনাস্থল পরিদর্শন করেছে এবং তদন্ত শুরু করেছে।

[প্রথম পৃষ্ঠার পর] বিস্ফোরণের ঘটনায় দুজন আহত হয়েছেন। তাঁদের স্থানীয় হাসপাতালে ভর্তি করা হয়েছে। পুলিশ ঘটনাস্থল পরিদর্শন করেছে এবং তদন্ত শুরু করেছে।

[প্রথম পৃষ্ঠার পর] বিস্ফোরণের ঘটনায় দুজন আহত হয়েছেন। তাঁদের স্থানীয় হাসপাতালে ভর্তি করা হয়েছে। পুলিশ ঘটনাস্থল পরিদর্শন করেছে এবং তদন্ত শুরু করেছে।

[প্রথম পৃষ্ঠার পর] বিস্ফোরণের ঘটনায় দুজন আহত হয়েছেন। তাঁদের স্থানীয় হাসপাতালে ভর্তি করা হয়েছে। পুলিশ ঘটনাস্থল পরিদর্শন করেছে এবং তদন্ত শুরু করেছে।

[প্রথম পৃষ্ঠার পর] বিস্ফোরণের ঘটনায় দুজন আহত হয়েছেন। তাঁদের স্থানীয় হাসপাতালে ভর্তি করা হয়েছে। পুলিশ ঘটনাস্থল পরিদর্শন করেছে এবং তদন্ত শুরু করেছে।

কয়লা খনি বন্ধের খবর

[প্রথম পৃষ্ঠার পর] দেশের একমাত্র কয়লা খনিতে উৎপাদন সাময়িকভাবে বন্ধ রাখা হয়েছে। খনি কর্তৃপক্ষ জানিয়েছে, শ্রমিকদের করোনা সংক্রমণ বেড়ে যাওয়ায় এ সিদ্ধান্ত নেওয়া হয়েছে। বড়পুকুরিয়া কয়লা খনি থেকে তাপবিদ্যুৎ কেন্দ্রে কয়লা সরবরাহ ব্যাহত হওয়ার আশঙ্কা দেখা দিয়েছে।

বিদ্যুৎ বিভাগের কর্মকর্তারা জানান, মজুত কয়লা দিয়ে কিছুদিন উৎপাদন চালানো সম্ভব হবে। তবে দীর্ঘমেয়াদে উৎপাদন বন্ধ থাকলে বিদ্যুৎ সরবরাহে প্রভাব পড়তে পারে। এ বিষয়ে উচ্চপর্যায়ের বৈঠক ডাকা হয়েছে।

খনির ব্যবস্থাপনা পরিচালক বলেন, স্বাস্থ্যবিধি নিশ্চিত করে যত দ্রুত সম্ভব আবার উৎপাদন শুরু করা হবে। শ্রমিকদের টিকা দেওয়ার ব্যবস্থা করা হচ্ছে। এ ছাড়া খনি এলাকায় আইসোলেশন সেন্টার স্থাপন করা হয়েছে।

[প্রথম পৃষ্ঠার পর] দেশের একমাত্র কয়লা খনিতে উৎপাদন সাময়িকভাবে বন্ধ রাখা হয়েছে। খনি কর্তৃপক্ষ জানিয়েছে, শ্রমিকদের করোনা সংক্রমণ বেড়ে যাওয়ায় এ সিদ্ধান্ত নেওয়া হয়েছে। বড়পুকুরিয়া কয়লা খনি থেকে তাপবিদ্যুৎ কেন্দ্রে কয়লা সরবরাহ ব্যাহত হওয়ার আশঙ্কা দেখা দিয়েছে।

বিদ্যুৎ বিভাগের কর্মকর্তারা জানান, মজুত কয়লা দিয়ে কিছুদিন উৎপাদন চালানো সম্ভব হবে। তবে দীর্ঘমেয়াদে উৎপাদন বন্ধ থাকলে বিদ্যুৎ সরবরাহে প্রভাব পড়তে পারে। এ বিষয়ে উচ্চপর্যায়ের বৈঠক ডাকা হয়েছে।

খনির ব্যবস্থাপনা পরিচালক বলেন, স্বাস্থ্যবিধি নিশ্চিত করে যত দ্রুত সম্ভব আবার উৎপাদন শুরু করা হবে। শ্রমিকদের টিকা দেওয়ার ব্যবস্থা করা হচ্ছে। এ ছাড়া খনি এলাকায় আইসোলেশন সেন্টার স্থাপন করা হয়েছে।

[প্রথম পৃষ্ঠার পর] দেশের একমাত্র কয়লা খনিতে উৎপাদন সাময়িকভাবে বন্ধ রাখা হয়েছে। খনি কর্তৃপক্ষ জানিয়েছে, শ্রমিকদের করোনা সংক্রমণ বেড়ে যাওয়ায় এ সিদ্ধান্ত নেওয়া হয়েছে। বড়পুকুরিয়া কয়লা খনি থেকে তাপবিদ্যুৎ কেন্দ্রে কয়লা সরবরাহ ব্যাহত হওয়ার আশঙ্কা দেখা দিয়েছে।

বিদ্যুৎ বিভাগের কর্মকর্তারা জানান, মজুত কয়লা দিয়ে কিছুদিন উৎপাদন চালানো সম্ভব হবে। তবে দীর্ঘমেয়াদে উৎপাদন বন্ধ থাকলে বিদ্যুৎ সরবরাহে প্রভাব পড়তে পারে। এ বিষয়ে উচ্চপর্যায়ের বৈঠক ডাকা হয়েছে।

খনির ব্যবস্থাপনা পরিচালক বলেন, স্বাস্থ্যবিধি নিশ্চিত করে যত দ্রুত সম্ভব আবার উৎপাদন শুরু করা হবে। শ্রমিকদের টিকা দেওয়ার ব্যবস্থা করা হচ্ছে। এ ছাড়া খনি এলাকায় আইসোলেশন সেন্টার স্থাপন করা হয়েছে।

৩৩৫ কোটির প্রকল্প

[প্রথম পৃষ্ঠার পর] একনেক সভায় ৩৩৫ কোটি টাকা ব্যয়ে নতুন উন্নয়ন প্রকল্পের অনুমোদন দেওয়া হয়েছে। প্রধানমন্ত্রী শেখ হাসিনার সভাপতিত্বে অনুষ্ঠিত সভায় প্রকল্পটি অনুমোদিত হয়। পরিকল্পনামন্ত্রী সাংবাদিকদের এ তথ্য জানান।

প্রকল্পটি বাস্তবায়িত হলে গ্রামীণ অবকাঠামোর উন্নয়ন হবে এবং স্থানীয় মানুষের জীবনযাত্রার মান বাড়বে। ২০২৪ সালের মধ্যে প্রকল্পের কাজ শেষ করার লক্ষ্য নির্ধারণ করা হয়েছে।

[প্রথম পৃষ্ঠার পর] একনেক সভায় ৩৩৫ কোটি টাকা ব্যয়ে নতুন উন্নয়ন প্রকল্পের অনুমোদন দেওয়া হয়েছে। প্রধানমন্ত্রী শেখ হাসিনার সভাপতিত্বে অনুষ্ঠিত সভায় প্রকল্পটি অনুমোদিত হয়। পরিকল্পনামন্ত্রী সাংবাদিকদের এ তথ্য জানান।

প্রকল্পটি বাস্তবায়িত হলে গ্রামীণ অবকাঠামোর উন্নয়ন হবে এবং স্থানীয় মানুষের জীবনযাত্রার মান বাড়বে। ২০২৪ সালের মধ্যে প্রকল্পের কাজ শেষ করার লক্ষ্য নির্ধারণ করা হয়েছে।

পরীক্ষণ মেলোগান মঠ

[শেষ পৃষ্ঠার পর] ঐতিহ্যবাহী মঠটি সংস্কারের অভাবে জরাজীর্ণ হয়ে পড়েছে। প্রত্নতত্ত্ব অধিদফতরের পক্ষ থেকে মঠটি সংরক্ষণের উদ্যোগ নেওয়ার কথা জানানো হয়েছে। স্থানীয়রা দ্রুত সংস্কারের দাবি জানিয়েছেন।

এলাকাবাসী জানান, প্রতিদিন দূর-দূরান্ত থেকে দর্শনার্থীরা মঠটি দেখতে আসেন। সঠিকভাবে সংরক্ষণ করা গেলে এটি পর্যটনকেন্দ্র হিসেবে গড়ে উঠতে পারে।

[শেষ পৃষ্ঠার পর] ঐতিহ্যবাহী মঠটি সংস্কারের অভাবে জরাজীর্ণ হয়ে পড়েছে। প্রত্নতত্ত্ব অধিদফতরের পক্ষ থেকে মঠটি সংরক্ষণের উদ্যোগ নেওয়ার কথা জানানো হয়েছে। স্থানীয়রা দ্রুত সংস্কারের দাবি জানিয়েছেন।

এলাকাবাসী জানান, প্রতিদিন দূর-দূরান্ত থেকে দর্শনার্থীরা মঠটি দেখতে আসেন। সঠিকভাবে সংরক্ষণ করা গেলে এটি পর্যটনকেন্দ্র হিসেবে গড়ে উঠতে পারে।

[শেষ পৃষ্ঠার পর] ঐতিহ্যবাহী মঠটি সংস্কারের অভাবে জরাজীর্ণ হয়ে পড়েছে। প্রত্নতত্ত্ব অধিদফতরের পক্ষ থেকে মঠটি সংরক্ষণের উদ্যোগ নেওয়ার কথা জানানো হয়েছে। স্থানীয়রা দ্রুত সংস্কারের দাবি জানিয়েছেন।

এলাকাবাসী জানান, প্রতিদিন দূর-দূরান্ত থেকে দর্শনার্থীরা মঠটি দেখতে আসেন। সঠিকভাবে সংরক্ষণ করা গেলে এটি পর্যটনকেন্দ্র হিসেবে গড়ে উঠতে পারে।

[শেষ পৃষ্ঠার পর] ঐতিহ্যবাহী মঠটি সংস্কারের অভাবে জরাজীর্ণ হয়ে পড়েছে। প্রত্নতত্ত্ব অধিদফতরের পক্ষ থেকে মঠটি সংরক্ষণের উদ্যোগ নেওয়ার কথা জানানো হয়েছে। স্থানীয়রা দ্রুত সংস্কারের দাবি জানিয়েছেন।

কয়লা খনিতে ঘুঁটি

[শেষ পৃষ্ঠার পর] খনির শ্রমিকরা বকেয়া বেতনের দাবিতে কর্মবিরতি পালন করছেন। খনি কর্তৃপক্ষ আলোচনার মাধ্যমে সমস্যা সমাধানের চেষ্টা চালাচ্ছে বলে জানা গেছে।

[শেষ পৃষ্ঠার পর] খনির শ্রমিকরা বকেয়া বেতনের দাবিতে কর্মবিরতি পালন করছেন। খনি কর্তৃপক্ষ আলোচনার মাধ্যমে সমস্যা সমাধানের চেষ্টা চালাচ্ছে বলে জানা গেছে।

[শেষ পৃষ্ঠার পর] খনির শ্রমিকরা বকেয়া বেতনের দাবিতে কর্মবিরতি পালন করছেন। খনি কর্তৃপক্ষ আলোচনার মাধ্যমে সমস্যা সমাধানের চেষ্টা চালাচ্ছে বলে জানা গেছে।

[শেষ পৃষ্ঠার পর] খনির শ্রমিকরা বকেয়া বেতনের দাবিতে কর্মবিরতি পালন করছেন। খনি কর্তৃপক্ষ আলোচনার মাধ্যমে সমস্যা সমাধানের চেষ্টা চালাচ্ছে বলে জানা গেছে।

[শেষ পৃষ্ঠার পর] খনির শ্রমিকরা বকেয়া বেতনের দাবিতে কর্মবিরতি পালন করছেন। খনি কর্তৃপক্ষ আলোচনার মাধ্যমে সমস্যা সমাধানের চেষ্টা চালাচ্ছে বলে জানা গেছে।
